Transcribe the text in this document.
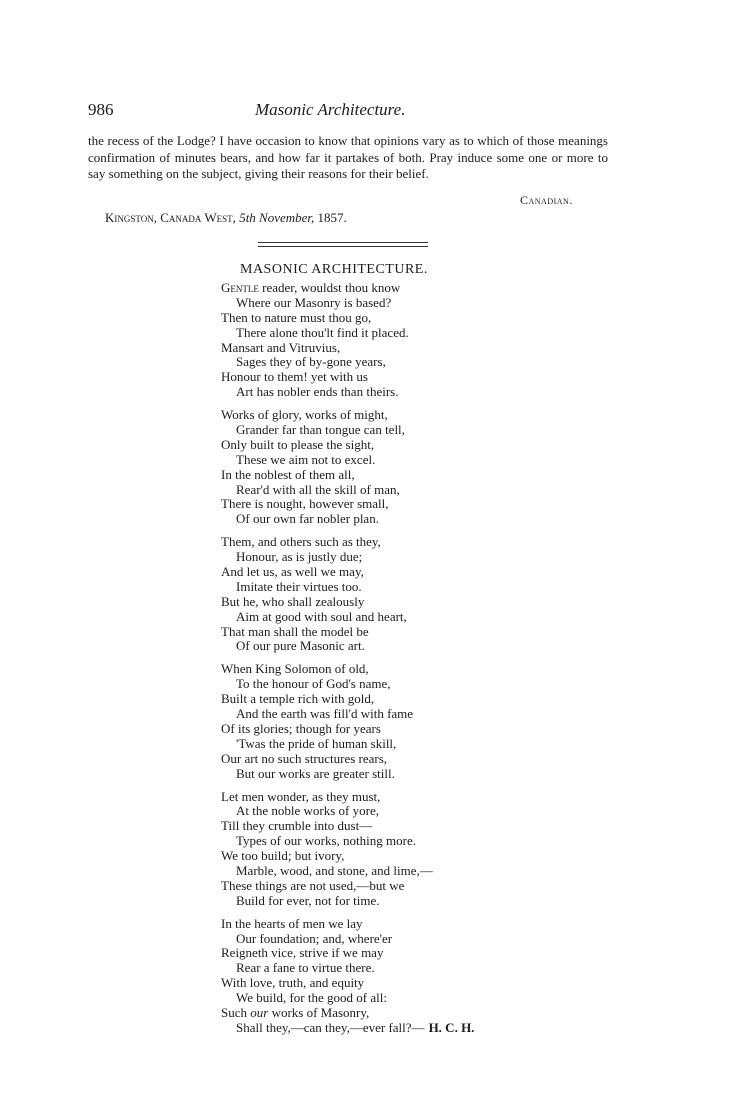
986	Masonic Architecture.

the recess of the Lodge? I have occasion to know that opinions vary as to which of those meanings confirmation of minutes bears, and how far it partakes of both. Pray induce some one or more to say something on the subject, giving their reasons for their belief.

Canadian.
Kingston, Canada West, 5th November, 1857.
MASONIC ARCHITECTURE.
Gentle reader, wouldst thou know
Where our Masonry is based?
Then to nature must thou go,
There alone thou'lt find it placed.
Mansart and Vitruvius,
Sages they of by-gone years,
Honour to them! yet with us
Art has nobler ends than theirs.
Works of glory, works of might,
Grander far than tongue can tell,
Only built to please the sight,
These we aim not to excel.
In the noblest of them all,
Rear'd with all the skill of man,
There is nought, however small,
Of our own far nobler plan.
Them, and others such as they,
Honour, as is justly due;
And let us, as well we may,
Imitate their virtues too.
But he, who shall zealously
Aim at good with soul and heart,
That man shall the model be
Of our pure Masonic art.
When King Solomon of old,
To the honour of God's name,
Built a temple rich with gold,
And the earth was fill'd with fame
Of its glories; though for years
'Twas the pride of human skill,
Our art no such structures rears,
But our works are greater still.
Let men wonder, as they must,
At the noble works of yore,
Till they crumble into dust—
Types of our works, nothing more.
We too build; but ivory,
Marble, wood, and stone, and lime,—
These things are not used,—but we
Build for ever, not for time.
In the hearts of men we lay
Our foundation; and, where'er
Reigneth vice, strive if we may
Rear a fane to virtue there.
With love, truth, and equity
We build, for the good of all:
Such our works of Masonry,
Shall they,—can they,—ever fall?— H. C. H.
